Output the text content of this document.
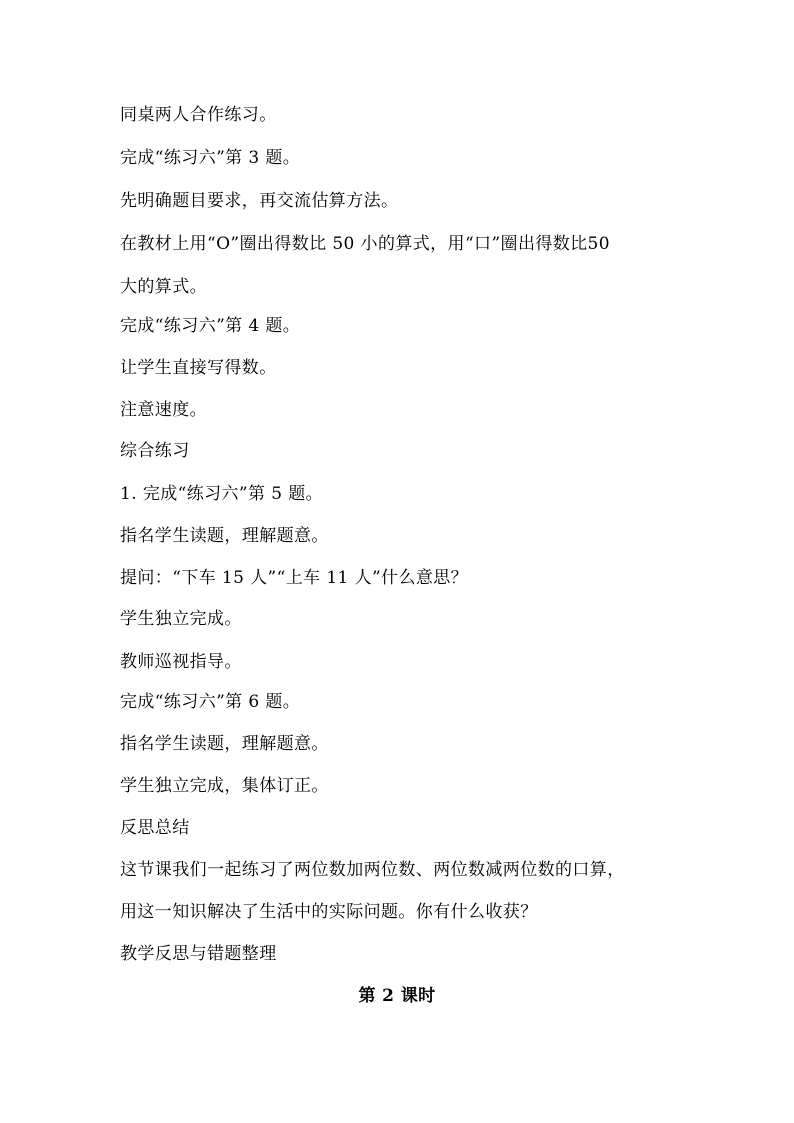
同桌两人合作练习。
完成“练习六”第 3 题。
先明确题目要求，再交流估算方法。
在教材上用“O”圈出得数比 50 小的算式，用“口”圈出得数比50
大的算式。
完成“练习六”第 4 题。
让学生直接写得数。
注意速度。
综合练习
1. 完成“练习六”第 5 题。
指名学生读题，理解题意。
提问：“下车 15 人”“上车 11 人”什么意思？
学生独立完成。
教师巡视指导。
完成“练习六”第 6 题。
指名学生读题，理解题意。
学生独立完成，集体订正。
反思总结
这节课我们一起练习了两位数加两位数、两位数减两位数的口算，
用这一知识解决了生活中的实际问题。你有什么收获？
教学反思与错题整理
第 2 课时
